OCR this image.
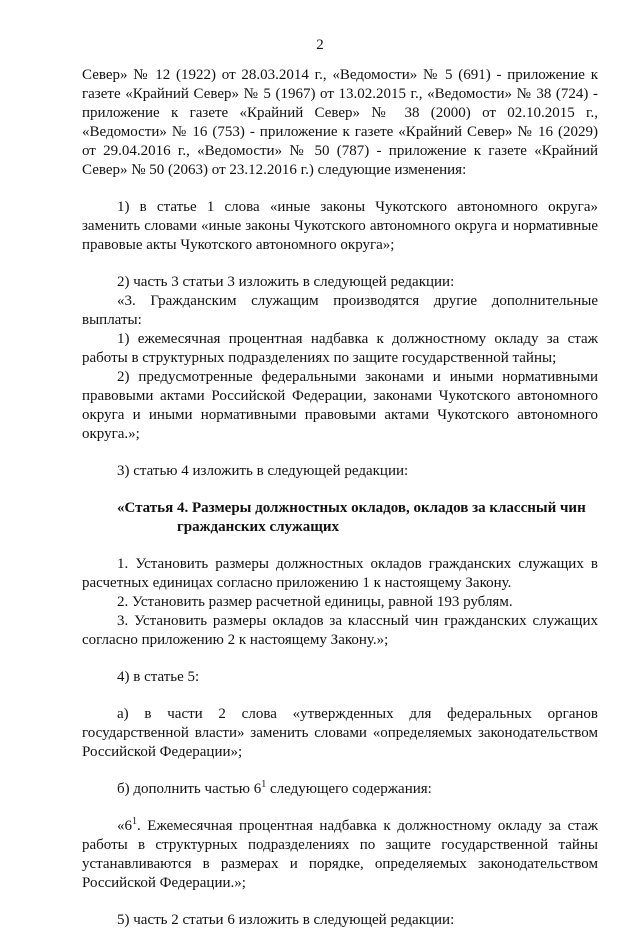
2

Север» № 12 (1922) от 28.03.2014 г., «Ведомости» № 5 (691) - приложение к газете «Крайний Север» № 5 (1967) от 13.02.2015 г., «Ведомости» № 38 (724) - приложение к газете «Крайний Север» № 38 (2000) от 02.10.2015 г., «Ведомости» № 16 (753) - приложение к газете «Крайний Север» № 16 (2029) от 29.04.2016 г., «Ведомости» № 50 (787) - приложение к газете «Крайний Север» № 50 (2063) от 23.12.2016 г.) следующие изменения:

1) в статье 1 слова «иные законы Чукотского автономного округа» заменить словами «иные законы Чукотского автономного округа и нормативные правовые акты Чукотского автономного округа»;

2) часть 3 статьи 3 изложить в следующей редакции:

«3. Гражданским служащим производятся другие дополнительные выплаты:

1) ежемесячная процентная надбавка к должностному окладу за стаж работы в структурных подразделениях по защите государственной тайны;

2) предусмотренные федеральными законами и иными нормативными правовыми актами Российской Федерации, законами Чукотского автономного округа и иными нормативными правовыми актами Чукотского автономного округа.»;

3) статью 4 изложить в следующей редакции:

«Статья 4. Размеры должностных окладов, окладов за классный чин
гражданских служащих

1. Установить размеры должностных окладов гражданских служащих в расчетных единицах согласно приложению 1 к настоящему Закону.

2. Установить размер расчетной единицы, равной 193 рублям.

3. Установить размеры окладов за классный чин гражданских служащих согласно приложению 2 к настоящему Закону.»;

4) в статье 5:

а) в части 2 слова «утвержденных для федеральных органов государственной власти» заменить словами «определяемых законодательством Российской Федерации»;

б) дополнить частью $6^1$ следующего содержания:

«$6^1$. Ежемесячная процентная надбавка к должностному окладу за стаж работы в структурных подразделениях по защите государственной тайны устанавливаются в размерах и порядке, определяемых законодательством Российской Федерации.»;

5) часть 2 статьи 6 изложить в следующей редакции:
